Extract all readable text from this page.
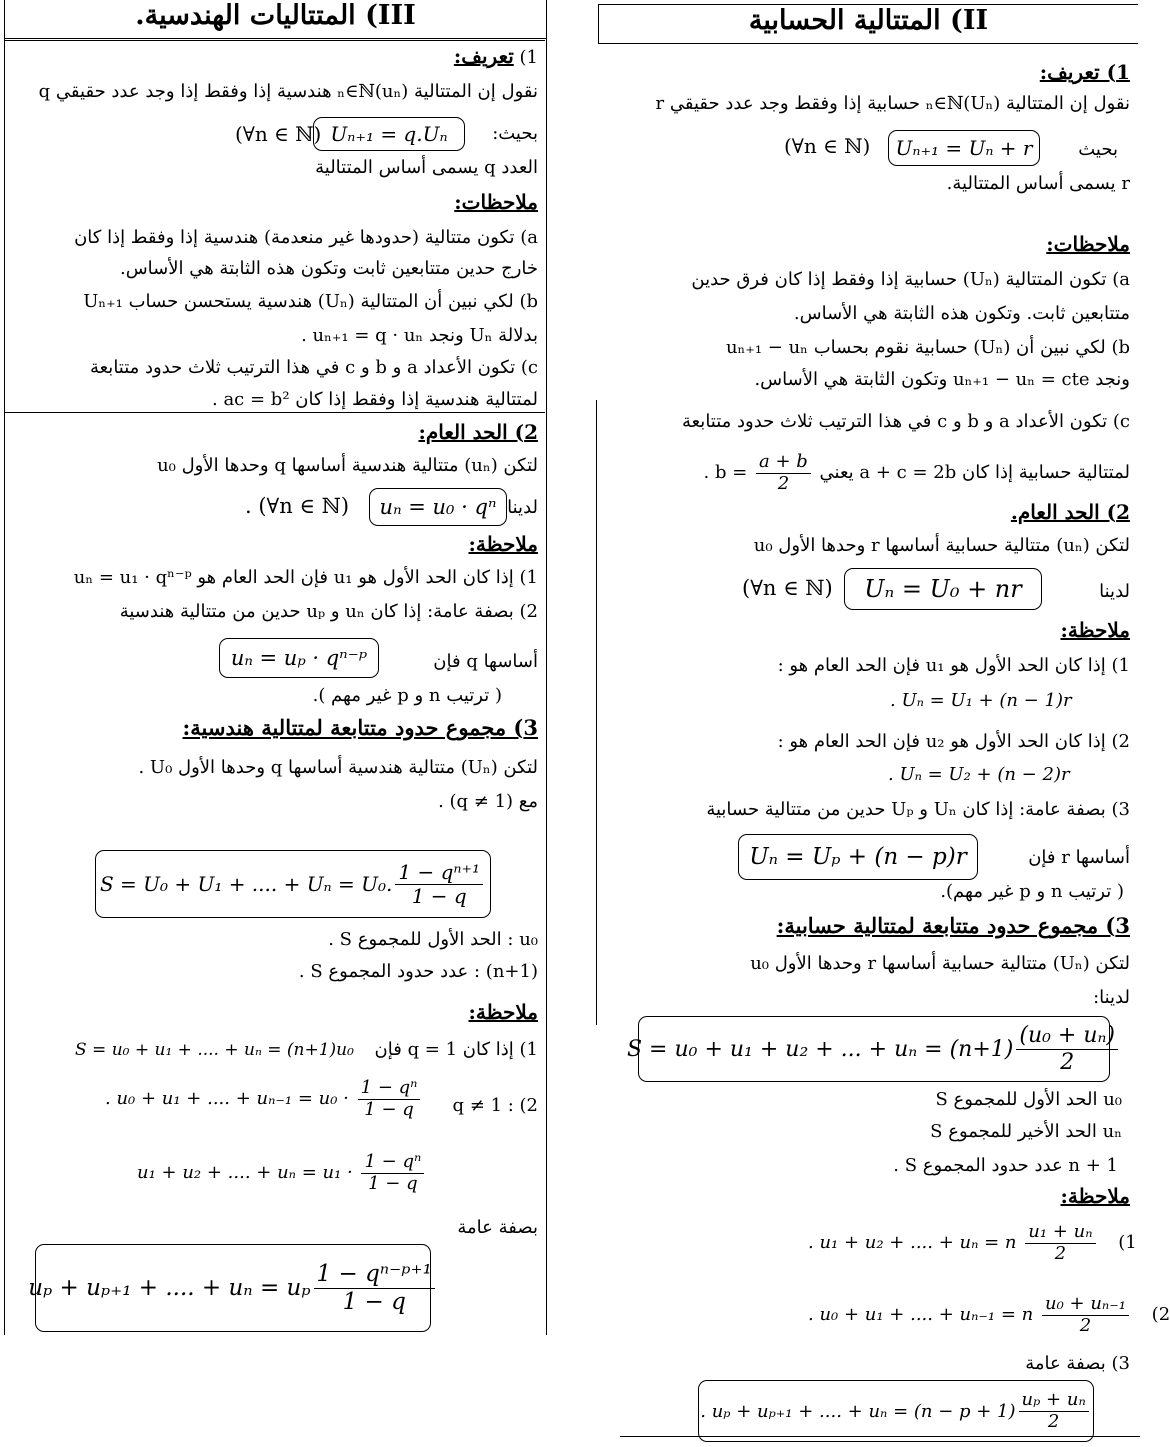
III) المتتاليات الهندسية.
1) تعريف:
نقول إن المتتالية (uₙ)ₙ∈ℕ هندسية إذا وفقط إذا وجد عدد حقيقي q
بحيث:
Uₙ₊₁ = q.Uₙ
(∀n ∈ ℕ)
العدد q يسمى أساس المتتالية
ملاحظات:
a) تكون متتالية (حدودها غير منعدمة) هندسية إذا وفقط إذا كان
خارج حدين متتابعين ثابت وتكون هذه الثابتة هي الأساس.
b) لكي نبين أن المتتالية (Uₙ) هندسية يستحسن حساب Uₙ₊₁
بدلالة Uₙ ونجد uₙ₊₁ = q · uₙ .
c) تكون الأعداد a و b و c في هذا الترتيب ثلاث حدود متتابعة
لمتتالية هندسية إذا وفقط إذا كان ac = b² .
2) الحد العام:
لتكن (uₙ) متتالية هندسية أساسها q وحدها الأول u₀
لدينا
uₙ = u₀ · qⁿ
. (∀n ∈ ℕ)
ملاحظة:
1) إذا كان الحد الأول هو u₁ فإن الحد العام هو uₙ = u₁ · qⁿ⁻ᵖ
2) بصفة عامة: إذا كان uₙ و uₚ حدين من متتالية هندسية
أساسها q فإن
uₙ = uₚ · qⁿ⁻ᵖ
( ترتيب n و p غير مهم ).
3) مجموع حدود متتابعة لمتتالية هندسية:
لتكن (Uₙ) متتالية هندسية أساسها q وحدها الأول U₀ .
مع (q ≠ 1) .
S = U₀ + U₁ + .... + Uₙ = U₀. $\frac{\text{1 − qⁿ⁺¹}}{1 - q}$
u₀ : الحد الأول للمجموع S .
(n+1) : عدد حدود المجموع S .
ملاحظة:
1) إذا كان q = 1 فإن
S = u₀ + u₁ + .... + uₙ = (n+1)u₀
2) : q ≠ 1
. u₀ + u₁ + .... + $u_{n-1} = u_0 \cdot \frac{\text{1 − qⁿ}}{1 - q}$
u₁ + u₂ + .... + $u_n = u_1 \cdot \frac{\text{1 − qⁿ}}{1 - q}$
بصفة عامة
uₚ + uₚ₊₁ + .... + uₙ = uₚ $\frac{\text{1 − qⁿ⁻ᵖ⁺¹}}{1 - q}$
II) المتتالية الحسابية
1) تعريف:
نقول إن المتتالية (Uₙ)ₙ∈ℕ حسابية إذا وفقط وجد عدد حقيقي r
بحيث
Uₙ₊₁ = Uₙ + r
(∀n ∈ ℕ)
r يسمى أساس المتتالية.
ملاحظات:
a) تكون المتتالية (Uₙ) حسابية إذا وفقط إذا كان فرق حدين
متتابعين ثابت. وتكون هذه الثابتة هي الأساس.
b) لكي نبين أن (Uₙ) حسابية نقوم بحساب uₙ₊₁ − uₙ
ونجد uₙ₊₁ − uₙ = cte وتكون الثابتة هي الأساس.
c) تكون الأعداد a و b و c في هذا الترتيب ثلاث حدود متتابعة
لمتتالية حسابية إذا كان a + c = 2b يعني
$\frac{a + b}{2}$
= b .
2) الحد العام.
لتكن (uₙ) متتالية حسابية أساسها r وحدها الأول u₀
لدينا
Uₙ = U₀ + nr
(∀n ∈ ℕ)
ملاحظة:
1) إذا كان الحد الأول هو u₁ فإن الحد العام هو :
. Uₙ = U₁ + (n − 1)r
2) إذا كان الحد الأول هو u₂ فإن الحد العام هو :
. Uₙ = U₂ + (n − 2)r
3) بصفة عامة: إذا كان Uₙ و Uₚ حدين من متتالية حسابية
أساسها r فإن
Uₙ = Uₚ + (n − p)r
( ترتيب n و p غير مهم).
3) مجموع حدود متتابعة لمتتالية حسابية:
لتكن (Uₙ) متتالية حسابية أساسها r وحدها الأول u₀
لدينا:
S = u₀ + u₁ + u₂ + ... + $u_n = (n+1) \frac{\text{(u₀ + uₙ)}}{2}$
u₀ الحد الأول للمجموع S
uₙ الحد الأخير للمجموع S
n + 1 عدد حدود المجموع S .
ملاحظة:
. u₁ + u₂ + .... + uₙ = n $\frac{\text{u₁ + uₙ}}{2} (1$
. u₀ + u₁ + .... + uₙ₋₁ = n $\frac{\text{u₀ + uₙ₋₁}}{2} (2$
3) بصفة عامة
. uₚ + uₚ₊₁ + .... + $u_n = (n - p + 1) \frac{\text{uₚ + uₙ}}{2}$
